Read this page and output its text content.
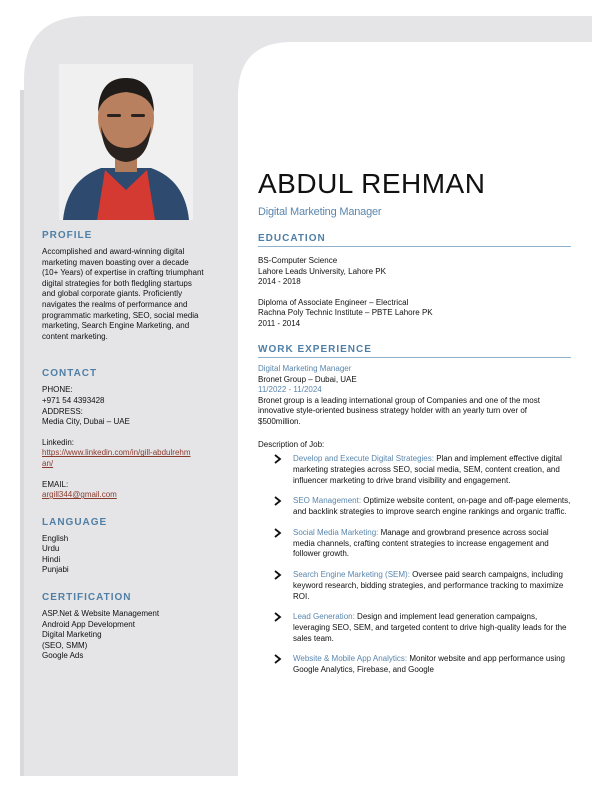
ABDUL REHMAN
Digital Marketing Manager
PROFILE
Accomplished and award-winning digital marketing maven boasting over a decade (10+ Years) of expertise in crafting triumphant digital strategies for both fledgling startups and global corporate giants. Proficiently navigates the realms of performance and programmatic marketing, SEO, social media marketing, Search Engine Marketing, and content marketing.
CONTACT
PHONE:
+971 54 4393428
ADDRESS:
Media City, Dubai – UAE
Linkedin:
https://www.linkedin.com/in/gill-abdulrehman/
EMAIL:
argill344@gmail.com
LANGUAGE
English
Urdu
Hindi
Punjabi
CERTIFICATION
ASP.Net & Website Management
Android App Development
Digital Marketing
(SEO, SMM)
Google Ads
EDUCATION
BS-Computer Science
Lahore Leads University, Lahore PK
2014 - 2018
Diploma of Associate Engineer – Electrical
Rachna Poly Technic Institute – PBTE Lahore PK
2011 - 2014
WORK EXPERIENCE
Digital Marketing Manager
Bronet Group – Dubai, UAE
11/2022 - 11/2024
Bronet group is a leading international group of Companies and one of the most innovative style-oriented business strategy holder with an yearly turn over of $500million.
Description of Job:
Develop and Execute Digital Strategies: Plan and implement effective digital marketing strategies across SEO, social media, SEM, content creation, and influencer marketing to drive brand visibility and engagement.
SEO Management: Optimize website content, on-page and off-page elements, and backlink strategies to improve search engine rankings and organic traffic.
Social Media Marketing: Manage and growbrand presence across social media channels, crafting content strategies to increase engagement and follower growth.
Search Engine Marketing (SEM): Oversee paid search campaigns, including keyword research, bidding strategies, and performance tracking to maximize ROI.
Lead Generation: Design and implement lead generation campaigns, leveraging SEO, SEM, and targeted content to drive high-quality leads for the sales team.
Website & Mobile App Analytics: Monitor website and app performance using Google Analytics, Firebase, and Google
